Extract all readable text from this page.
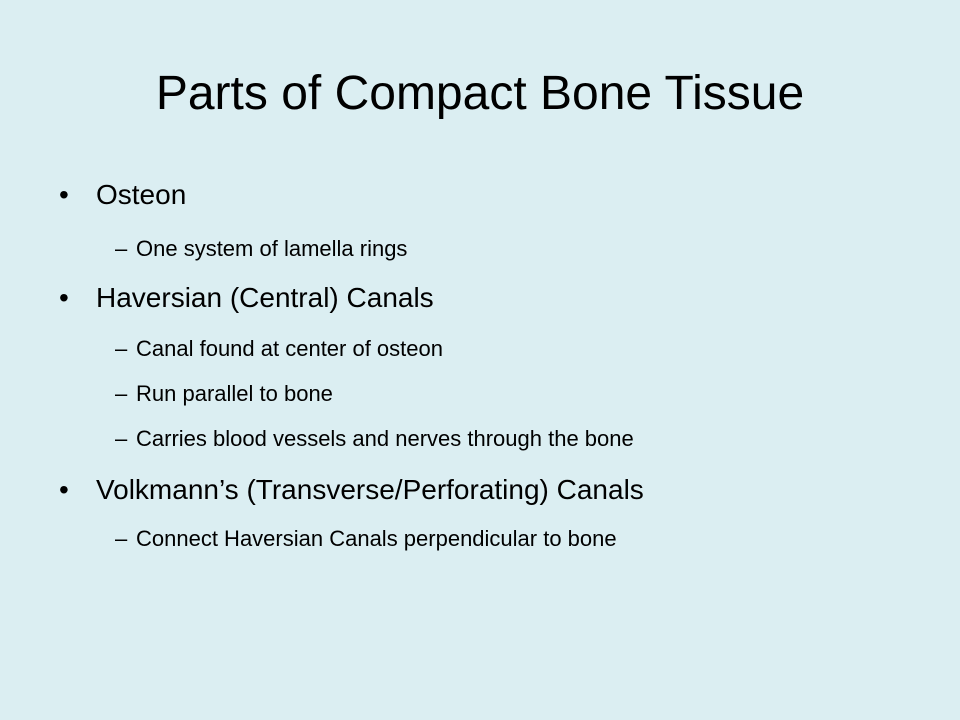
Parts of Compact Bone Tissue
• Osteon
– One system of lamella rings
• Haversian (Central) Canals
– Canal found at center of osteon
– Run parallel to bone
– Carries blood vessels and nerves through the bone
• Volkmann’s (Transverse/Perforating) Canals
– Connect Haversian Canals perpendicular to bone
